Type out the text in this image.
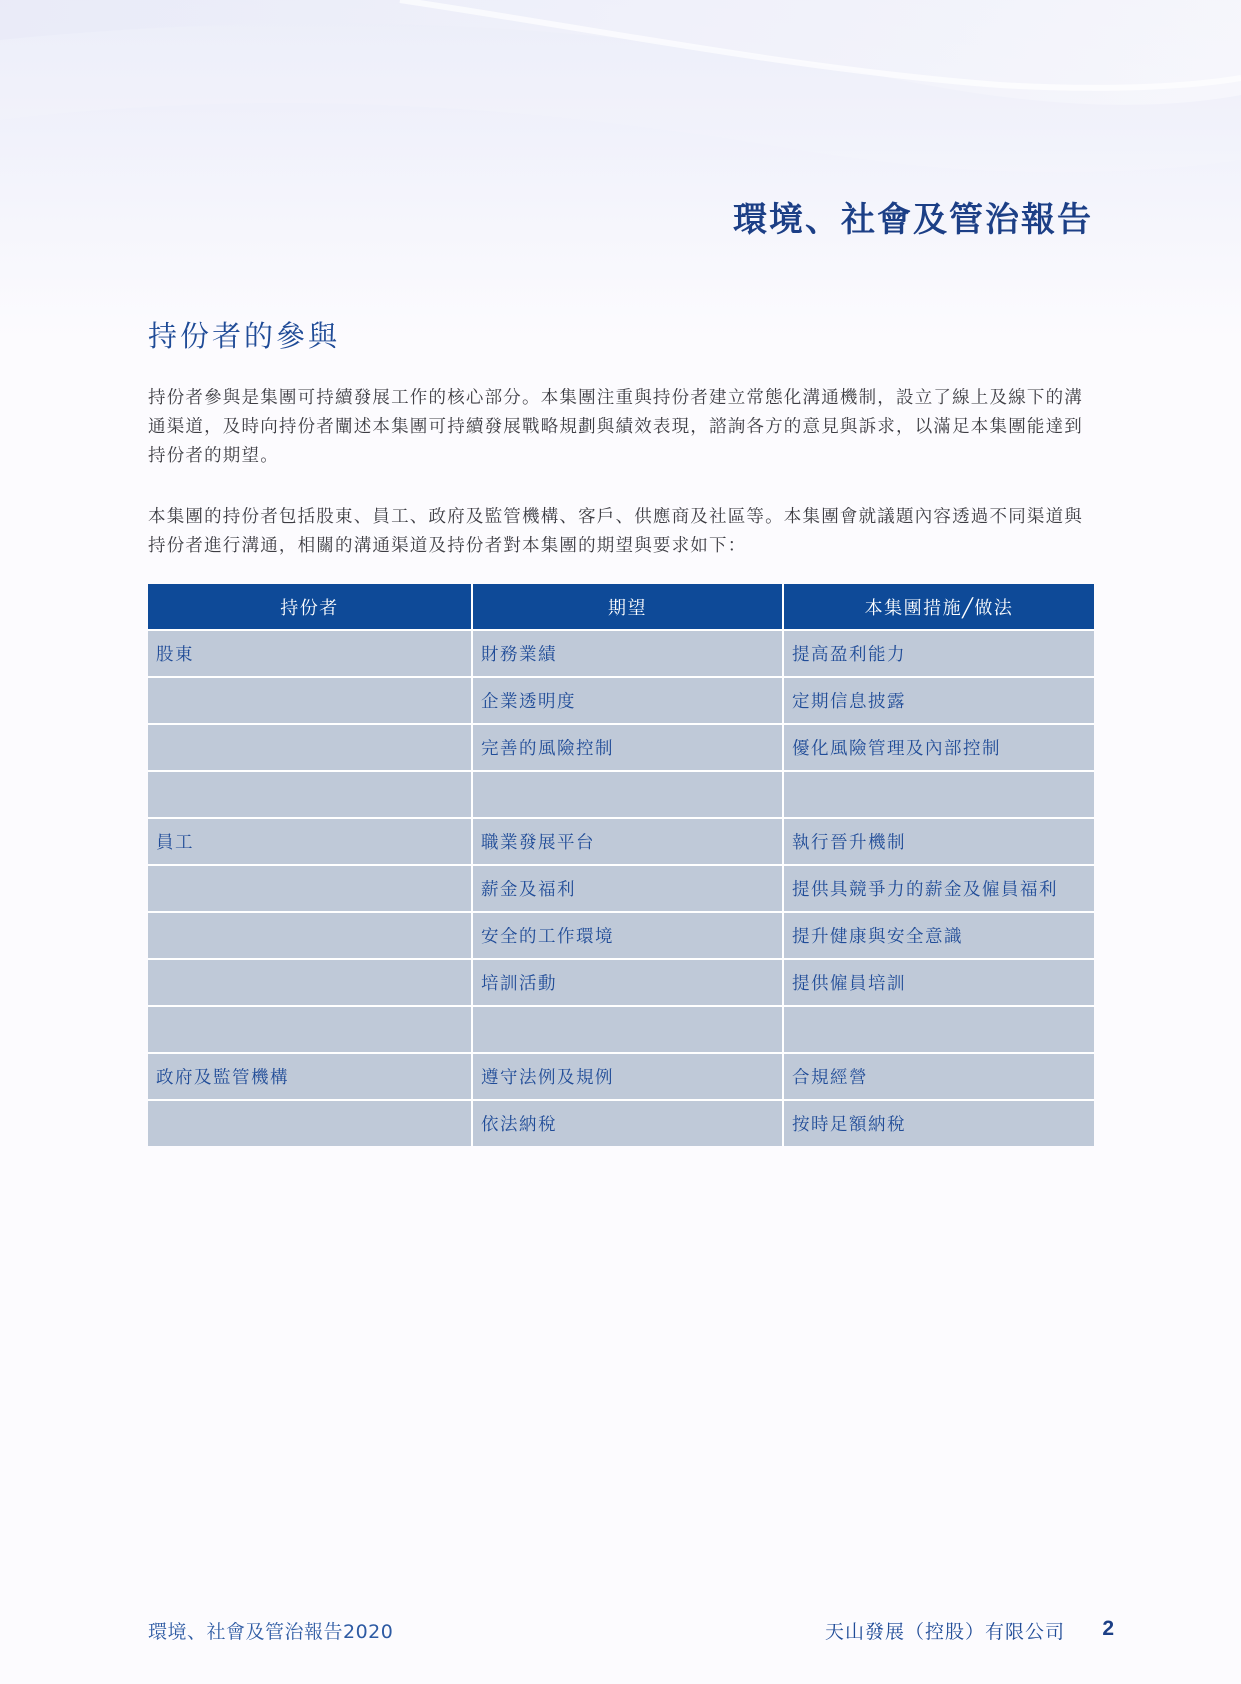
環境、社會及管治報告
持份者的參與

持份者參與是集團可持續發展工作的核心部分。本集團注重與持份者建立常態化溝通機制，設立了線上及線下的溝通渠道，及時向持份者闡述本集團可持續發展戰略規劃與績效表現，諮詢各方的意見與訴求，以滿足本集團能達到持份者的期望。

本集團的持份者包括股東、員工、政府及監管機構、客戶、供應商及社區等。本集團會就議題內容透過不同渠道與持份者進行溝通，相關的溝通渠道及持份者對本集團的期望與要求如下：

持份者	期望	本集團措施╱做法
股東	財務業績	提高盈利能力
	企業透明度	定期信息披露
	完善的風險控制	優化風險管理及內部控制

員工	職業發展平台	執行晉升機制
	薪金及福利	提供具競爭力的薪金及僱員福利
	安全的工作環境	提升健康與安全意識
	培訓活動	提供僱員培訓

政府及監管機構	遵守法例及規例	合規經營
	依法納稅	按時足額納稅
環境、社會及管治報告2020	天山發展（控股）有限公司 2
